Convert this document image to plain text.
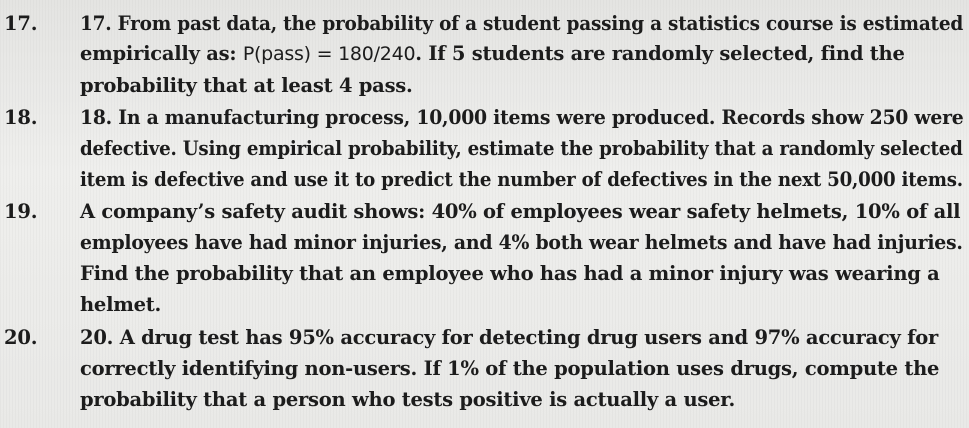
17. 17. From past data, the probability of a student passing a statistics course is estimated
empirically as: P(pass) = 180/240. If 5 students are randomly selected, find the
probability that at least 4 pass.
18. 18. In a manufacturing process, 10,000 items were produced. Records show 250 were
defective. Using empirical probability, estimate the probability that a randomly selected
item is defective and use it to predict the number of defectives in the next 50,000 items.
19. A company’s safety audit shows: 40% of employees wear safety helmets, 10% of all
employees have had minor injuries, and 4% both wear helmets and have had injuries.
Find the probability that an employee who has had a minor injury was wearing a
helmet.
20. 20. A drug test has 95% accuracy for detecting drug users and 97% accuracy for
correctly identifying non-users. If 1% of the population uses drugs, compute the
probability that a person who tests positive is actually a user.
